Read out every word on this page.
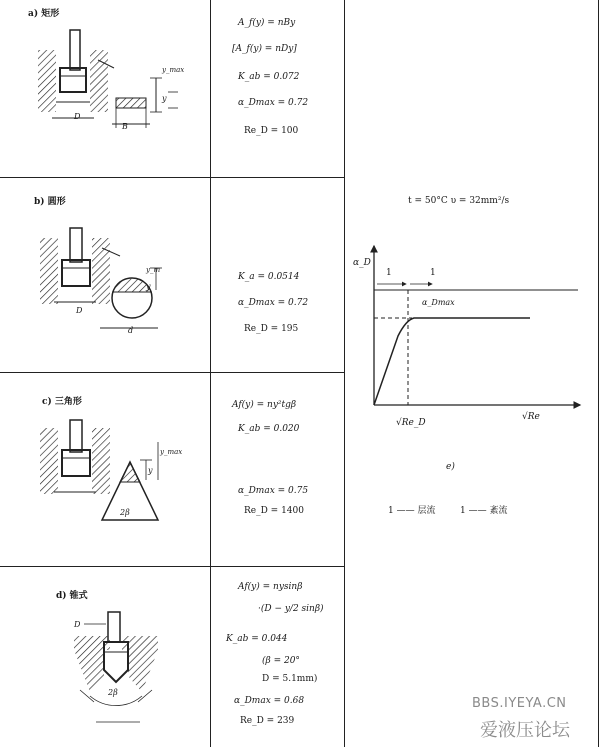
a) 矩形
D
B
y
y_max
A_f(y) = nBy
[A_f(y) = nDy]
K_ab = 0.072
α_Dmax = 0.72
Re_D = 100
b) 圆形
D
d
y
y_m
K_a = 0.0514
α_Dmax = 0.72
Re_D = 195
c) 三角形
2β
y
y_max
Af(y) = ny²tgβ
K_ab = 0.020
α_Dmax = 0.75
Re_D = 1400
d) 锥式
D
2β
Af(y) = nysinβ
·(D − y/2 sinβ)
K_ab = 0.044
(β = 20°
D = 5.1mm)
α_Dmax = 0.68
Re_D = 239
t = 50°C υ = 32mm²/s
α_D
1	1
α_Dmax
√Re_D
√Re
e)
1 —— 层流	1 —— 紊流
BBS.IYEYA.CN
爱液压论坛
